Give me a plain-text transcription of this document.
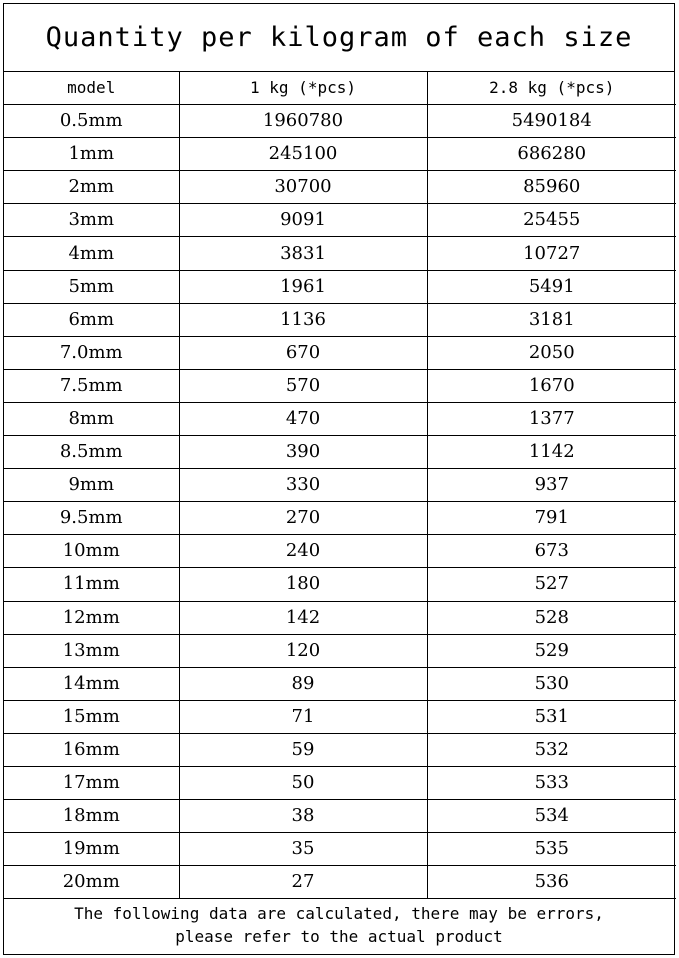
Quantity per kilogram of each size
model	1 kg (*pcs)	2.8 kg (*pcs)
0.5mm	1960780	5490184
1mm	245100	686280
2mm	30700	85960
3mm	9091	25455
4mm	3831	10727
5mm	1961	5491
6mm	1136	3181
7.0mm	670	2050
7.5mm	570	1670
8mm	470	1377
8.5mm	390	1142
9mm	330	937
9.5mm	270	791
10mm	240	673
11mm	180	527
12mm	142	528
13mm	120	529
14mm	89	530
15mm	71	531
16mm	59	532
17mm	50	533
18mm	38	534
19mm	35	535
20mm	27	536
The following data are calculated, there may be errors,
please refer to the actual product
